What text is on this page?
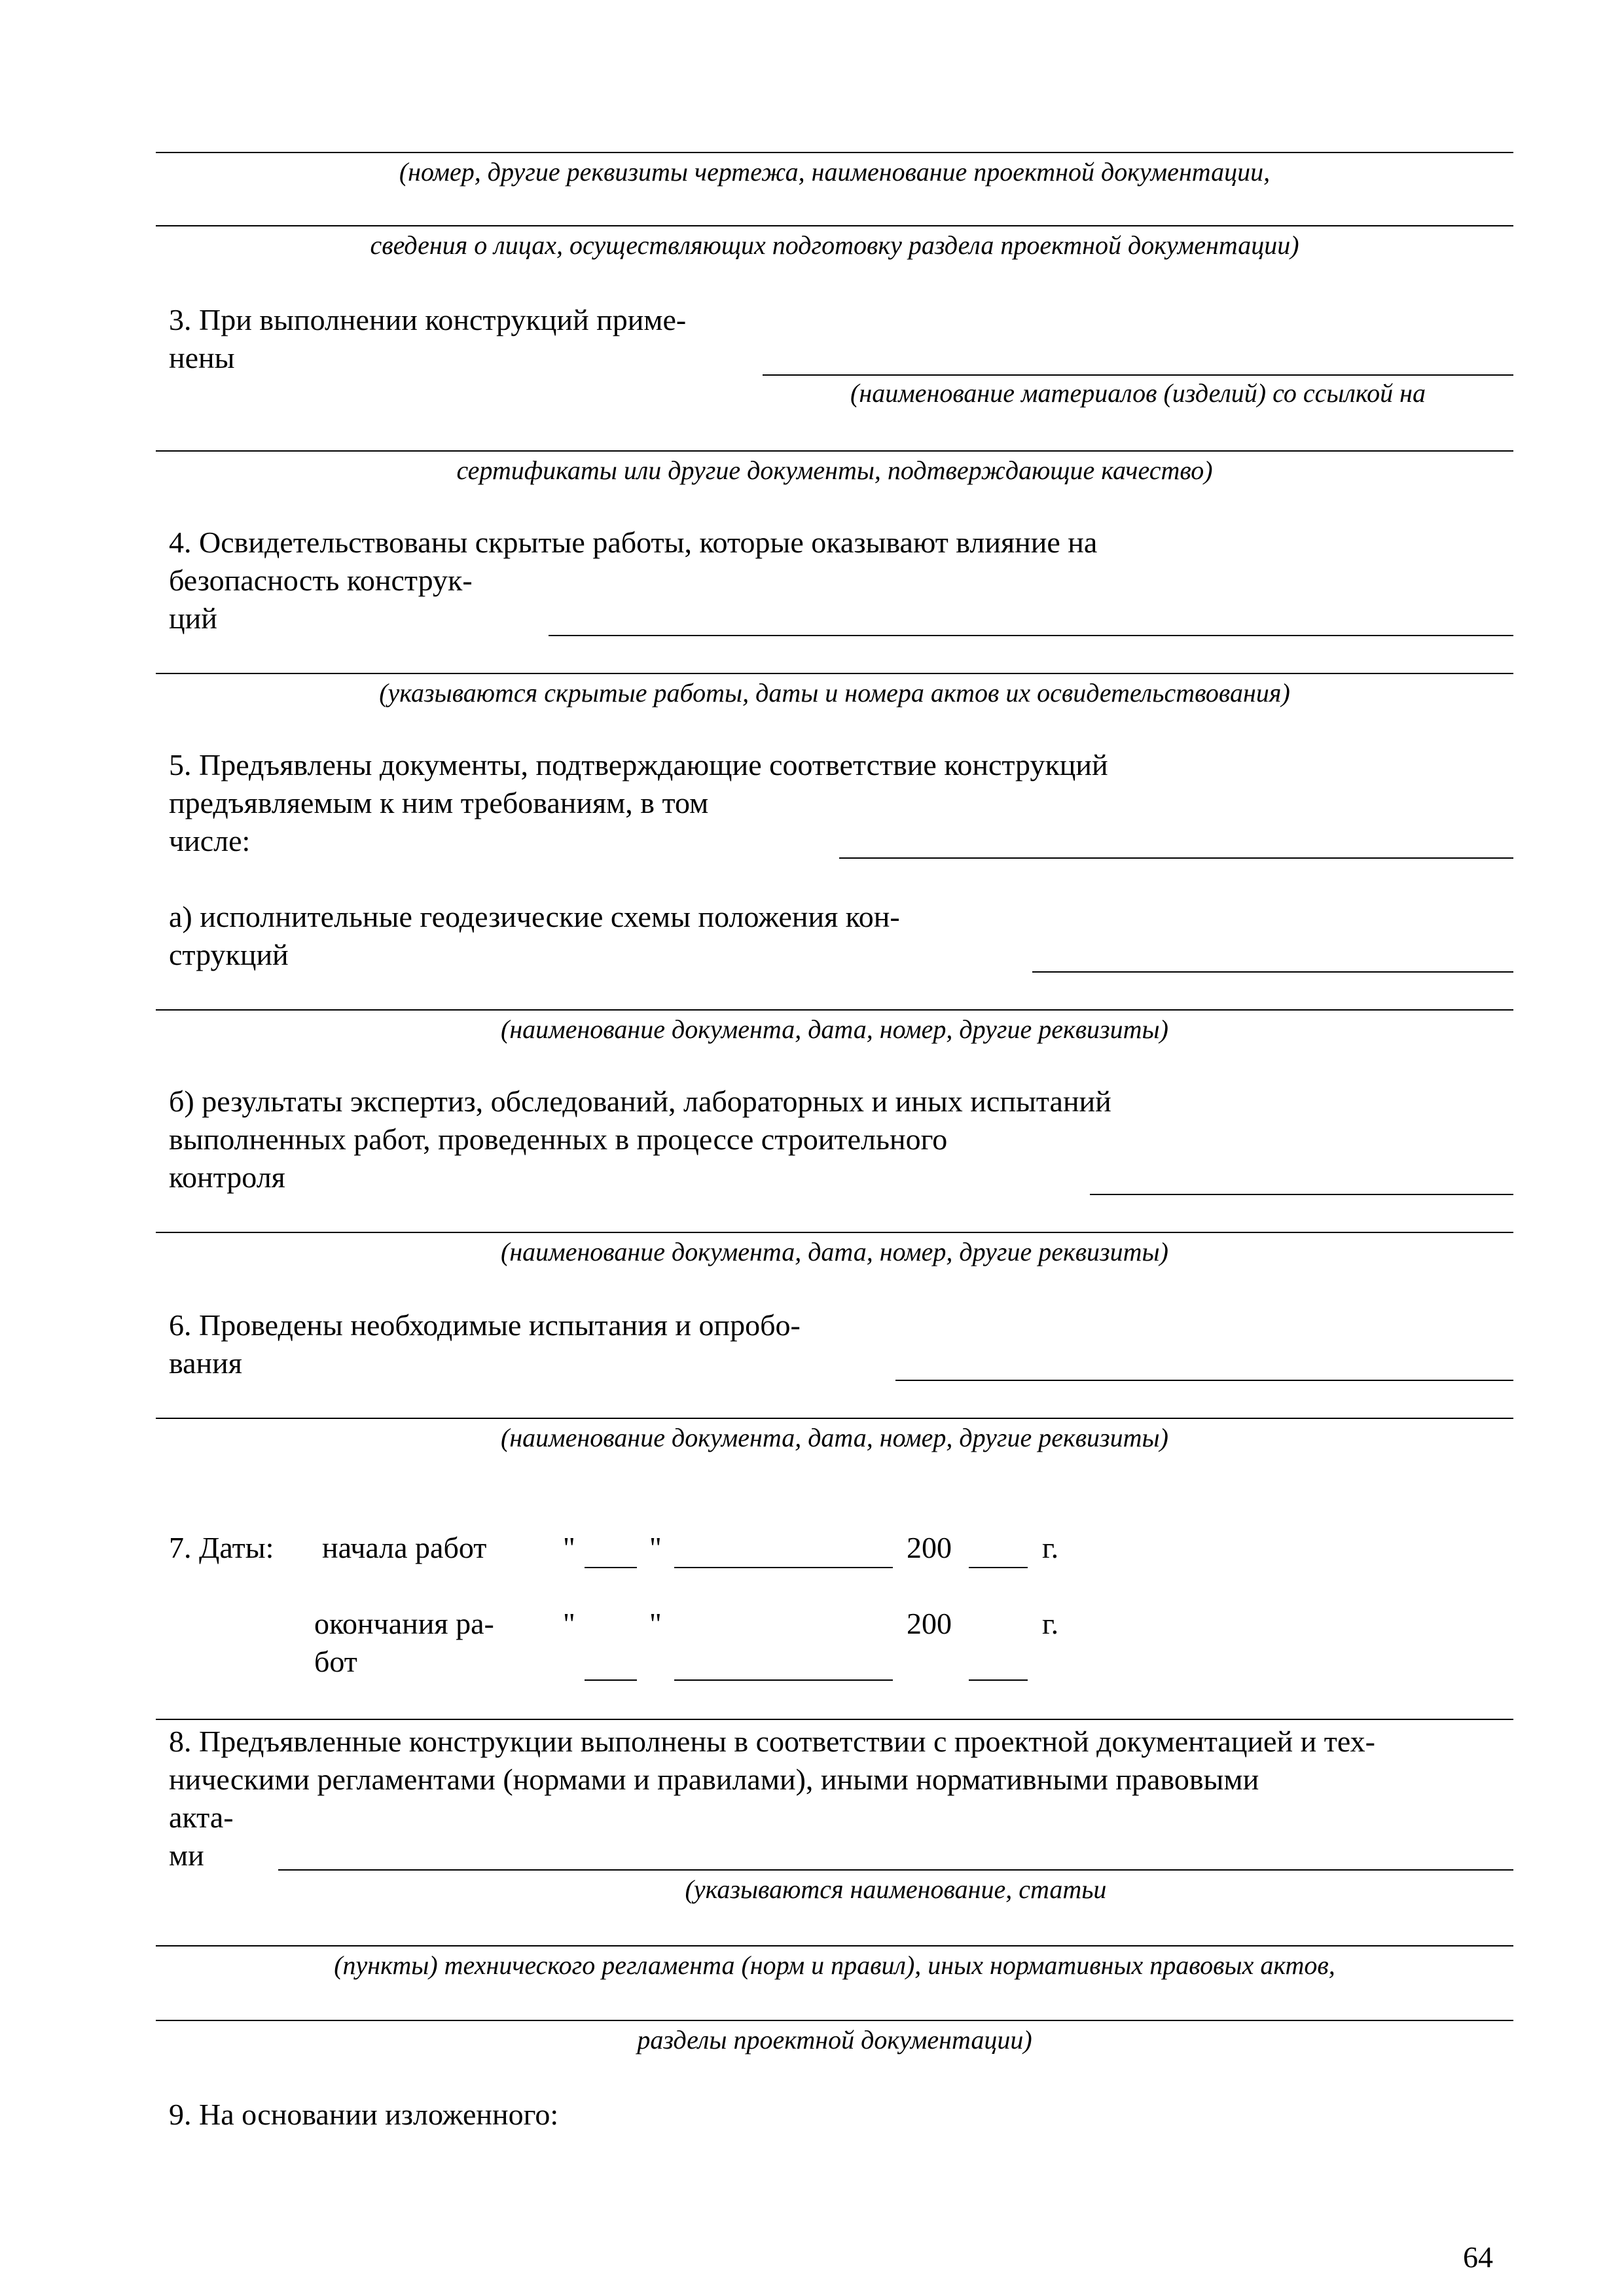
(номер, другие реквизиты чертежа, наименование проектной документации,
сведения о лицах, осуществляющих подготовку раздела проектной документации)
3. При выполнении конструкций приме-
нены
(наименование материалов (изделий) со ссылкой на
сертификаты или другие документы, подтверждающие качество)
4. Освидетельствованы скрытые работы, которые оказывают влияние на
безопасность конструк-
ций
(указываются скрытые работы, даты и номера актов их освидетельствования)
5. Предъявлены документы, подтверждающие соответствие конструкций
предъявляемым к ним требованиям, в том
числе:
а) исполнительные геодезические схемы положения кон-
струкций
(наименование документа, дата, номер, другие реквизиты)
б) результаты экспертиз, обследований, лабораторных и иных испытаний
выполненных работ, проведенных в процессе строительного
контроля
(наименование документа, дата, номер, другие реквизиты)
6. Проведены необходимые испытания и опробо-
вания
(наименование документа, дата, номер, другие реквизиты)
7. Даты: начала работ	" "	200	г.
окончания ра-
бот
" "	200	г.
8. Предъявленные конструкции выполнены в соответствии с проектной документацией и тех-
ническими регламентами (нормами и правилами), иными нормативными правовыми
акта-
ми
(указываются наименование, статьи
(пункты) технического регламента (норм и правил), иных нормативных правовых актов,
разделы проектной документации)
9. На основании изложенного:
64
